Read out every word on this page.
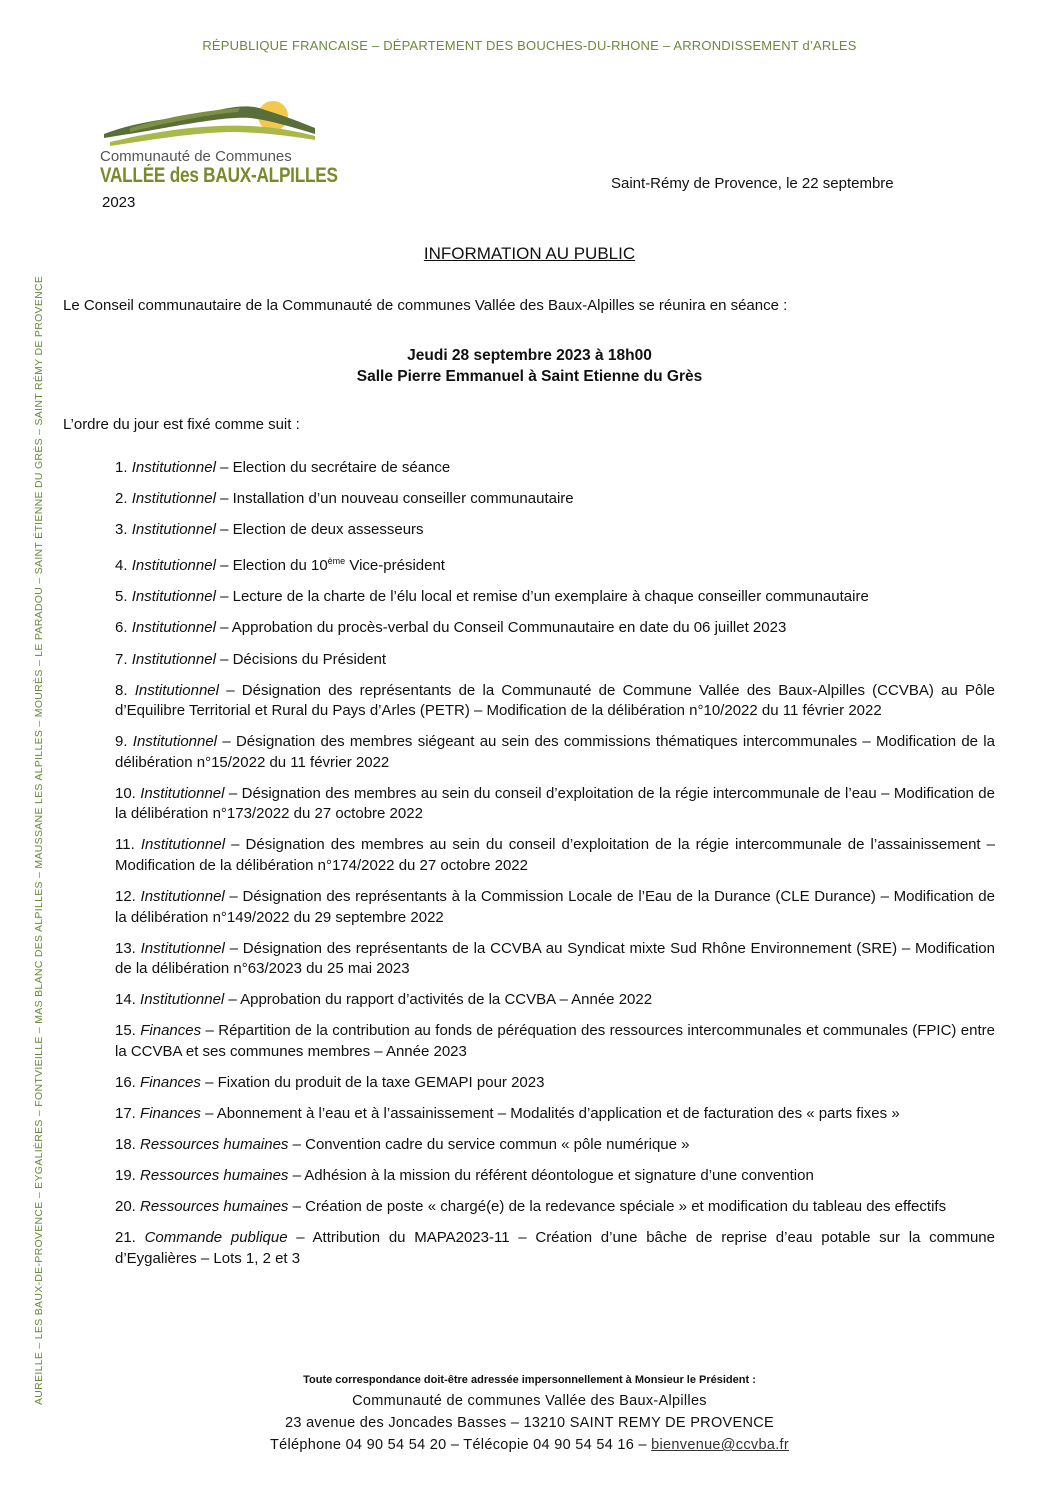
RÉPUBLIQUE FRANCAISE – DÉPARTEMENT DES BOUCHES-DU-RHONE – ARRONDISSEMENT d’ARLES
AUREILLE – LES BAUX-DE-PROVENCE – EYGALIÈRES – FONTVIEILLE – MAS BLANC DES ALPILLES – MAUSSANE LES ALPILLES – MOURÈS – LE PARADOU – SAINT ÉTIENNE DU GRÈS – SAINT RÉMY DE PROVENCE
Communauté de Communes
VALLÉE des BAUX-ALPILLES	Saint-Rémy de Provence, le 22 septembre
2023
INFORMATION AU PUBLIC
Le Conseil communautaire de la Communauté de communes Vallée des Baux-Alpilles se réunira en séance :
Jeudi 28 septembre 2023 à 18h00
Salle Pierre Emmanuel à Saint Etienne du Grès
L’ordre du jour est fixé comme suit :
1. Institutionnel – Election du secrétaire de séance
2. Institutionnel – Installation d’un nouveau conseiller communautaire
3. Institutionnel – Election de deux assesseurs
4. Institutionnel – Election du 10ème Vice-président
5. Institutionnel – Lecture de la charte de l’élu local et remise d’un exemplaire à chaque conseiller communautaire
6. Institutionnel – Approbation du procès-verbal du Conseil Communautaire en date du 06 juillet 2023
7. Institutionnel – Décisions du Président
8. Institutionnel – Désignation des représentants de la Communauté de Commune Vallée des Baux-Alpilles (CCVBA) au Pôle d’Equilibre Territorial et Rural du Pays d’Arles (PETR) – Modification de la délibération n°10/2022 du 11 février 2022
9. Institutionnel – Désignation des membres siégeant au sein des commissions thématiques intercommunales – Modification de la délibération n°15/2022 du 11 février 2022
10. Institutionnel – Désignation des membres au sein du conseil d’exploitation de la régie intercommunale de l’eau – Modification de la délibération n°173/2022 du 27 octobre 2022
11. Institutionnel – Désignation des membres au sein du conseil d’exploitation de la régie intercommunale de l’assainissement – Modification de la délibération n°174/2022 du 27 octobre 2022
12. Institutionnel – Désignation des représentants à la Commission Locale de l’Eau de la Durance (CLE Durance) – Modification de la délibération n°149/2022 du 29 septembre 2022
13. Institutionnel – Désignation des représentants de la CCVBA au Syndicat mixte Sud Rhône Environnement (SRE) – Modification de la délibération n°63/2023 du 25 mai 2023
14. Institutionnel – Approbation du rapport d’activités de la CCVBA – Année 2022
15. Finances – Répartition de la contribution au fonds de péréquation des ressources intercommunales et communales (FPIC) entre la CCVBA et ses communes membres – Année 2023
16. Finances – Fixation du produit de la taxe GEMAPI pour 2023
17. Finances – Abonnement à l’eau et à l’assainissement – Modalités d’application et de facturation des « parts fixes »
18. Ressources humaines – Convention cadre du service commun « pôle numérique »
19. Ressources humaines – Adhésion à la mission du référent déontologue et signature d’une convention
20. Ressources humaines – Création de poste « chargé(e) de la redevance spéciale » et modification du tableau des effectifs
21. Commande publique – Attribution du MAPA2023-11 – Création d’une bâche de reprise d’eau potable sur la commune d’Eygalières – Lots 1, 2 et 3
Toute correspondance doit-être adressée impersonnellement à Monsieur le Président :
Communauté de communes Vallée des Baux-Alpilles
23 avenue des Joncades Basses – 13210 SAINT REMY DE PROVENCE
Téléphone 04 90 54 54 20 – Télécopie 04 90 54 54 16 – bienvenue@ccvba.fr
